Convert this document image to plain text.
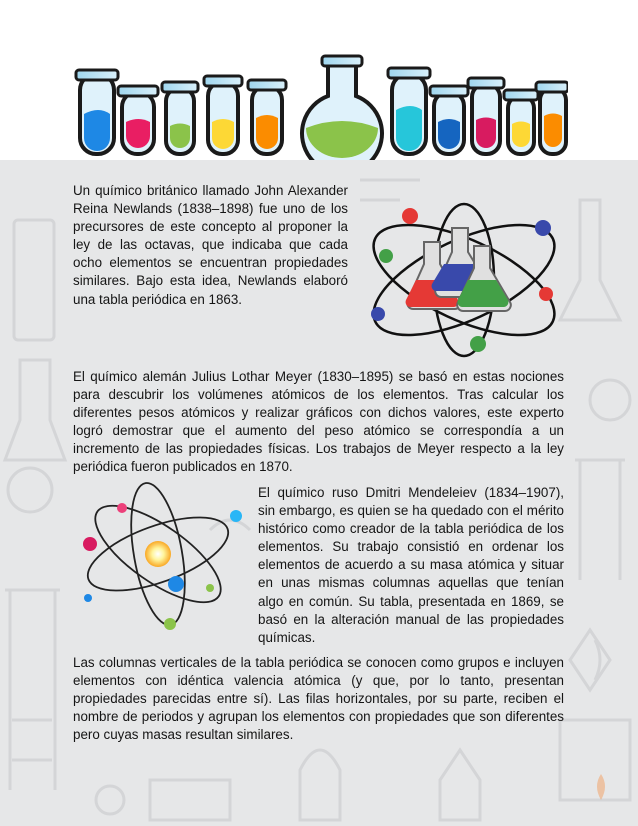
Un químico británico llamado John Alexander Reina Newlands (1838–1898) fue uno de los precursores de este concepto al proponer la ley de las octavas, que indicaba que cada ocho elementos se encuentran propiedades similares. Bajo esta idea, Newlands elaboró una tabla periódica en 1863.

El químico alemán Julius Lothar Meyer (1830–1895) se basó en estas nociones para descubrir los volúmenes atómicos de los elementos. Tras calcular los diferentes pesos atómicos y realizar gráficos con dichos valores, este experto logró demostrar que el aumento del peso atómico se correspondía a un incremento de las propiedades físicas. Los trabajos de Meyer respecto a la ley periódica fueron publicados en 1870.

El químico ruso Dmitri Mendeleiev (1834–1907), sin embargo, es quien se ha quedado con el mérito histórico como creador de la tabla periódica de los elementos. Su trabajo consistió en ordenar los elementos de acuerdo a su masa atómica y situar en unas mismas columnas aquellas que tenían algo en común. Su tabla, presentada en 1869, se basó en la alteración manual de las propiedades químicas.

Las columnas verticales de la tabla periódica se conocen como grupos e incluyen elementos con idéntica valencia atómica (y que, por lo tanto, presentan propiedades parecidas entre sí). Las filas horizontales, por su parte, reciben el nombre de periodos y agrupan los elementos con propiedades que son diferentes pero cuyas masas resultan similares.
